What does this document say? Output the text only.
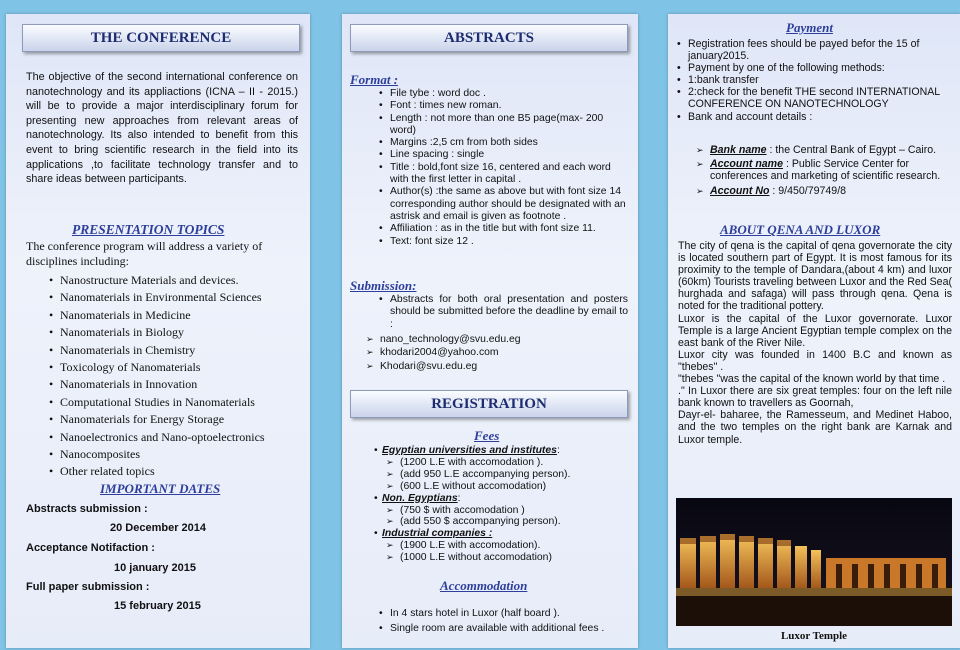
THE CONFERENCE
The objective of the second international conference on nanotechnology and its appliactions (ICNA – II - 2015.) will be to provide a major interdisciplinary forum for presenting new approaches from relevant areas of nanotechnology. Its also intended to benefit from this event to bring scientific research in the field into its applications ,to facilitate technology transfer and to share ideas between participants.
PRESENTATION TOPICS
The conference program will address a variety of disciplines including:
• Nanostructure Materials and devices.
• Nanomaterials in Environmental Sciences
• Nanomaterials in Medicine
• Nanomaterials in Biology
• Nanomaterials in Chemistry
• Toxicology of Nanomaterials
• Nanomaterials in Innovation
• Computational Studies in Nanomaterials
• Nanomaterials for Energy Storage
• Nanoelectronics and Nano-optoelectronics
• Nanocomposites
• Other related topics
IMPORTANT DATES
Abstracts submission :
20 December 2014
Acceptance Notifaction :
10 january 2015
Full paper submission :
15 february 2015
ABSTRACTS
Format :
• File tybe : word doc .
• Font : times new roman.
• Length : not more than one B5 page(max- 200 word)
• Margins :2,5 cm from both sides
• Line spacing : single
• Title : bold,font size 16, centered and each word with the first letter in capital .
• Author(s) :the same as above but with font size 14 corresponding author should be designated with an astrisk and email is given as footnote .
• Affiliation : as in the title but with font size 11.
• Text: font size 12 .
Submission:
• Abstracts for both oral presentation and posters should be submitted before the deadline by email to :
➢ nano_technology@svu.edu.eg
➢ khodari2004@yahoo.com
➢ Khodari@svu.edu.eg
REGISTRATION
Fees
• Egyptian universities and institutes:
➢ (1200 L.E with accomodation ).
➢ (add 950 L.E accompanying person).
➢ (600 L.E without accomodation)
• Non. Egyptians:
➢ (750 $ with accomodation )
➢ (add 550 $ accompanying person).
• Industrial companies :
➢ (1900 L.E with accomodation).
➢ (1000 L.E without accomodation)
Accommodation
• In 4 stars hotel in Luxor (half board ).
• Single room are available with additional fees .
Payment
• Registration fees should be payed befor the 15 of january2015.
• Payment by one of the following methods:
• 1:bank transfer
• 2:check for the benefit THE second INTERNATIONAL CONFERENCE ON NANOTECHNOLOGY
• Bank and account details :
➢ Bank name : the Central Bank of Egypt – Cairo.
➢ Account name : Public Service Center for conferences and marketing of scientific research.
➢ Account No : 9/450/79749/8
ABOUT QENA AND LUXOR
The city of qena is the capital of qena governorate the city is located southern part of Egypt. It is most famous for its proximity to the temple of Dandara,(about 4 km) and luxor (60km) Tourists traveling between Luxor and the Red Sea( hurghada and safaga) will pass through qena. Qena is noted for the traditional pottery.
Luxor is the capital of the Luxor governorate. Luxor Temple is a large Ancient Egyptian temple complex on the east bank of the River Nile.
Luxor city was founded in 1400 B.C and known as "thebes" .
"thebes "was the capital of the known world by that time .
." In Luxor there are six great temples: four on the left nile bank known to travellers as Goornah,
Dayr-el- baharee, the Ramesseum, and Medinet Haboo, and the two temples on the right bank are Karnak and Luxor temple.
Luxor Temple
